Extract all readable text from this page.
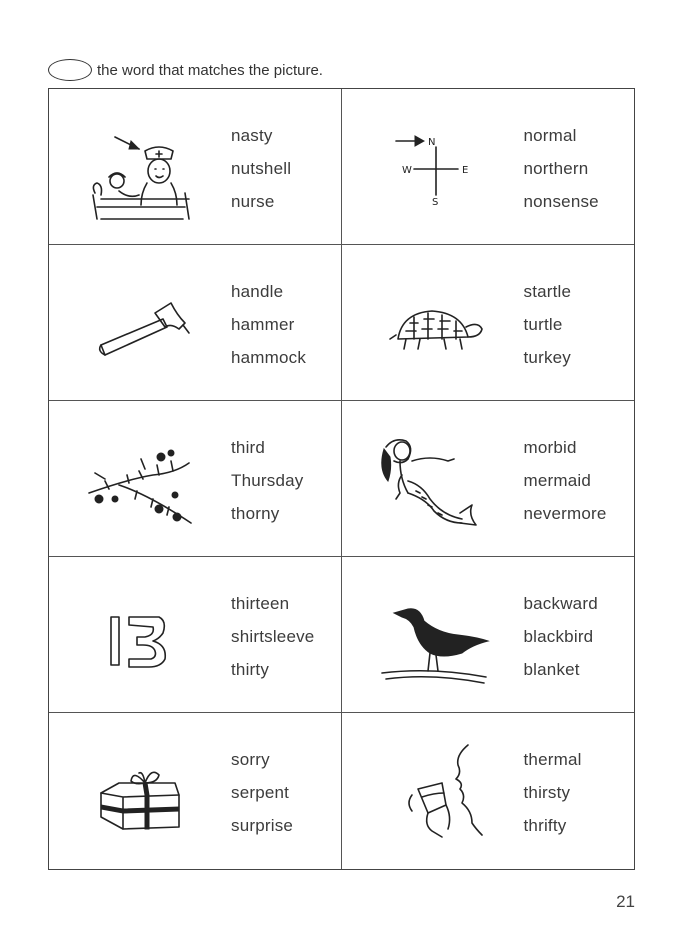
the word that matches the picture.
nasty
nutshell
nurse
N
W	E
S
normal
northern
nonsense
handle
hammer
hammock
startle
turtle
turkey
third
Thursday
thorny
morbid
mermaid
nevermore
thirteen
shirtsleeve
thirty
backward
blackbird
blanket
sorry
serpent
surprise
thermal
thirsty
thrifty
21
